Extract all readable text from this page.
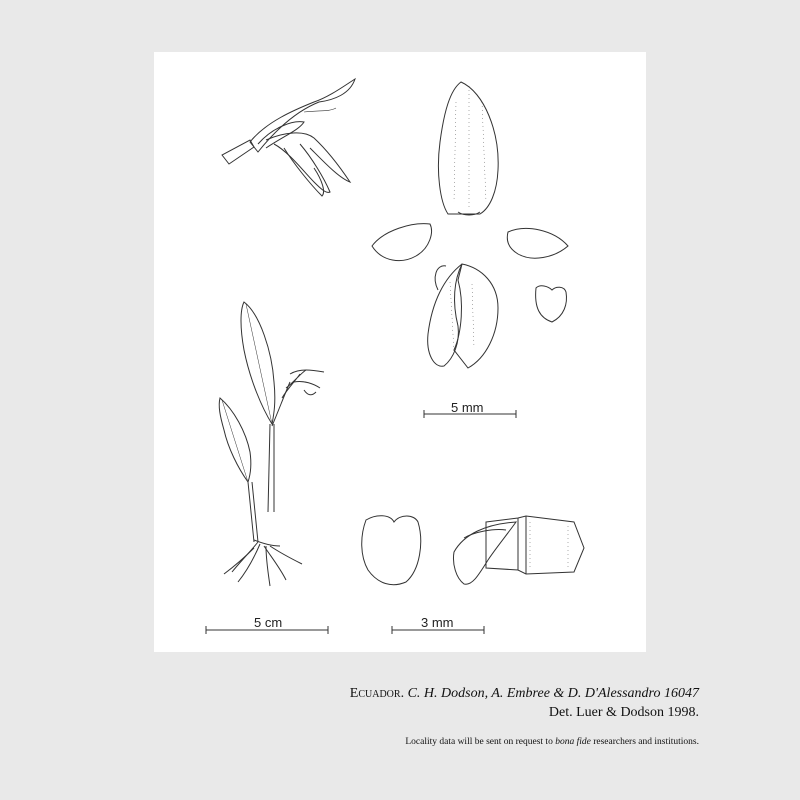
5 mm
5 cm	3 mm
Ecuador. C. H. Dodson, A. Embree & D. D'Alessandro 16047
Det. Luer & Dodson 1998.
Locality data will be sent on request to bona fide researchers and institutions.
